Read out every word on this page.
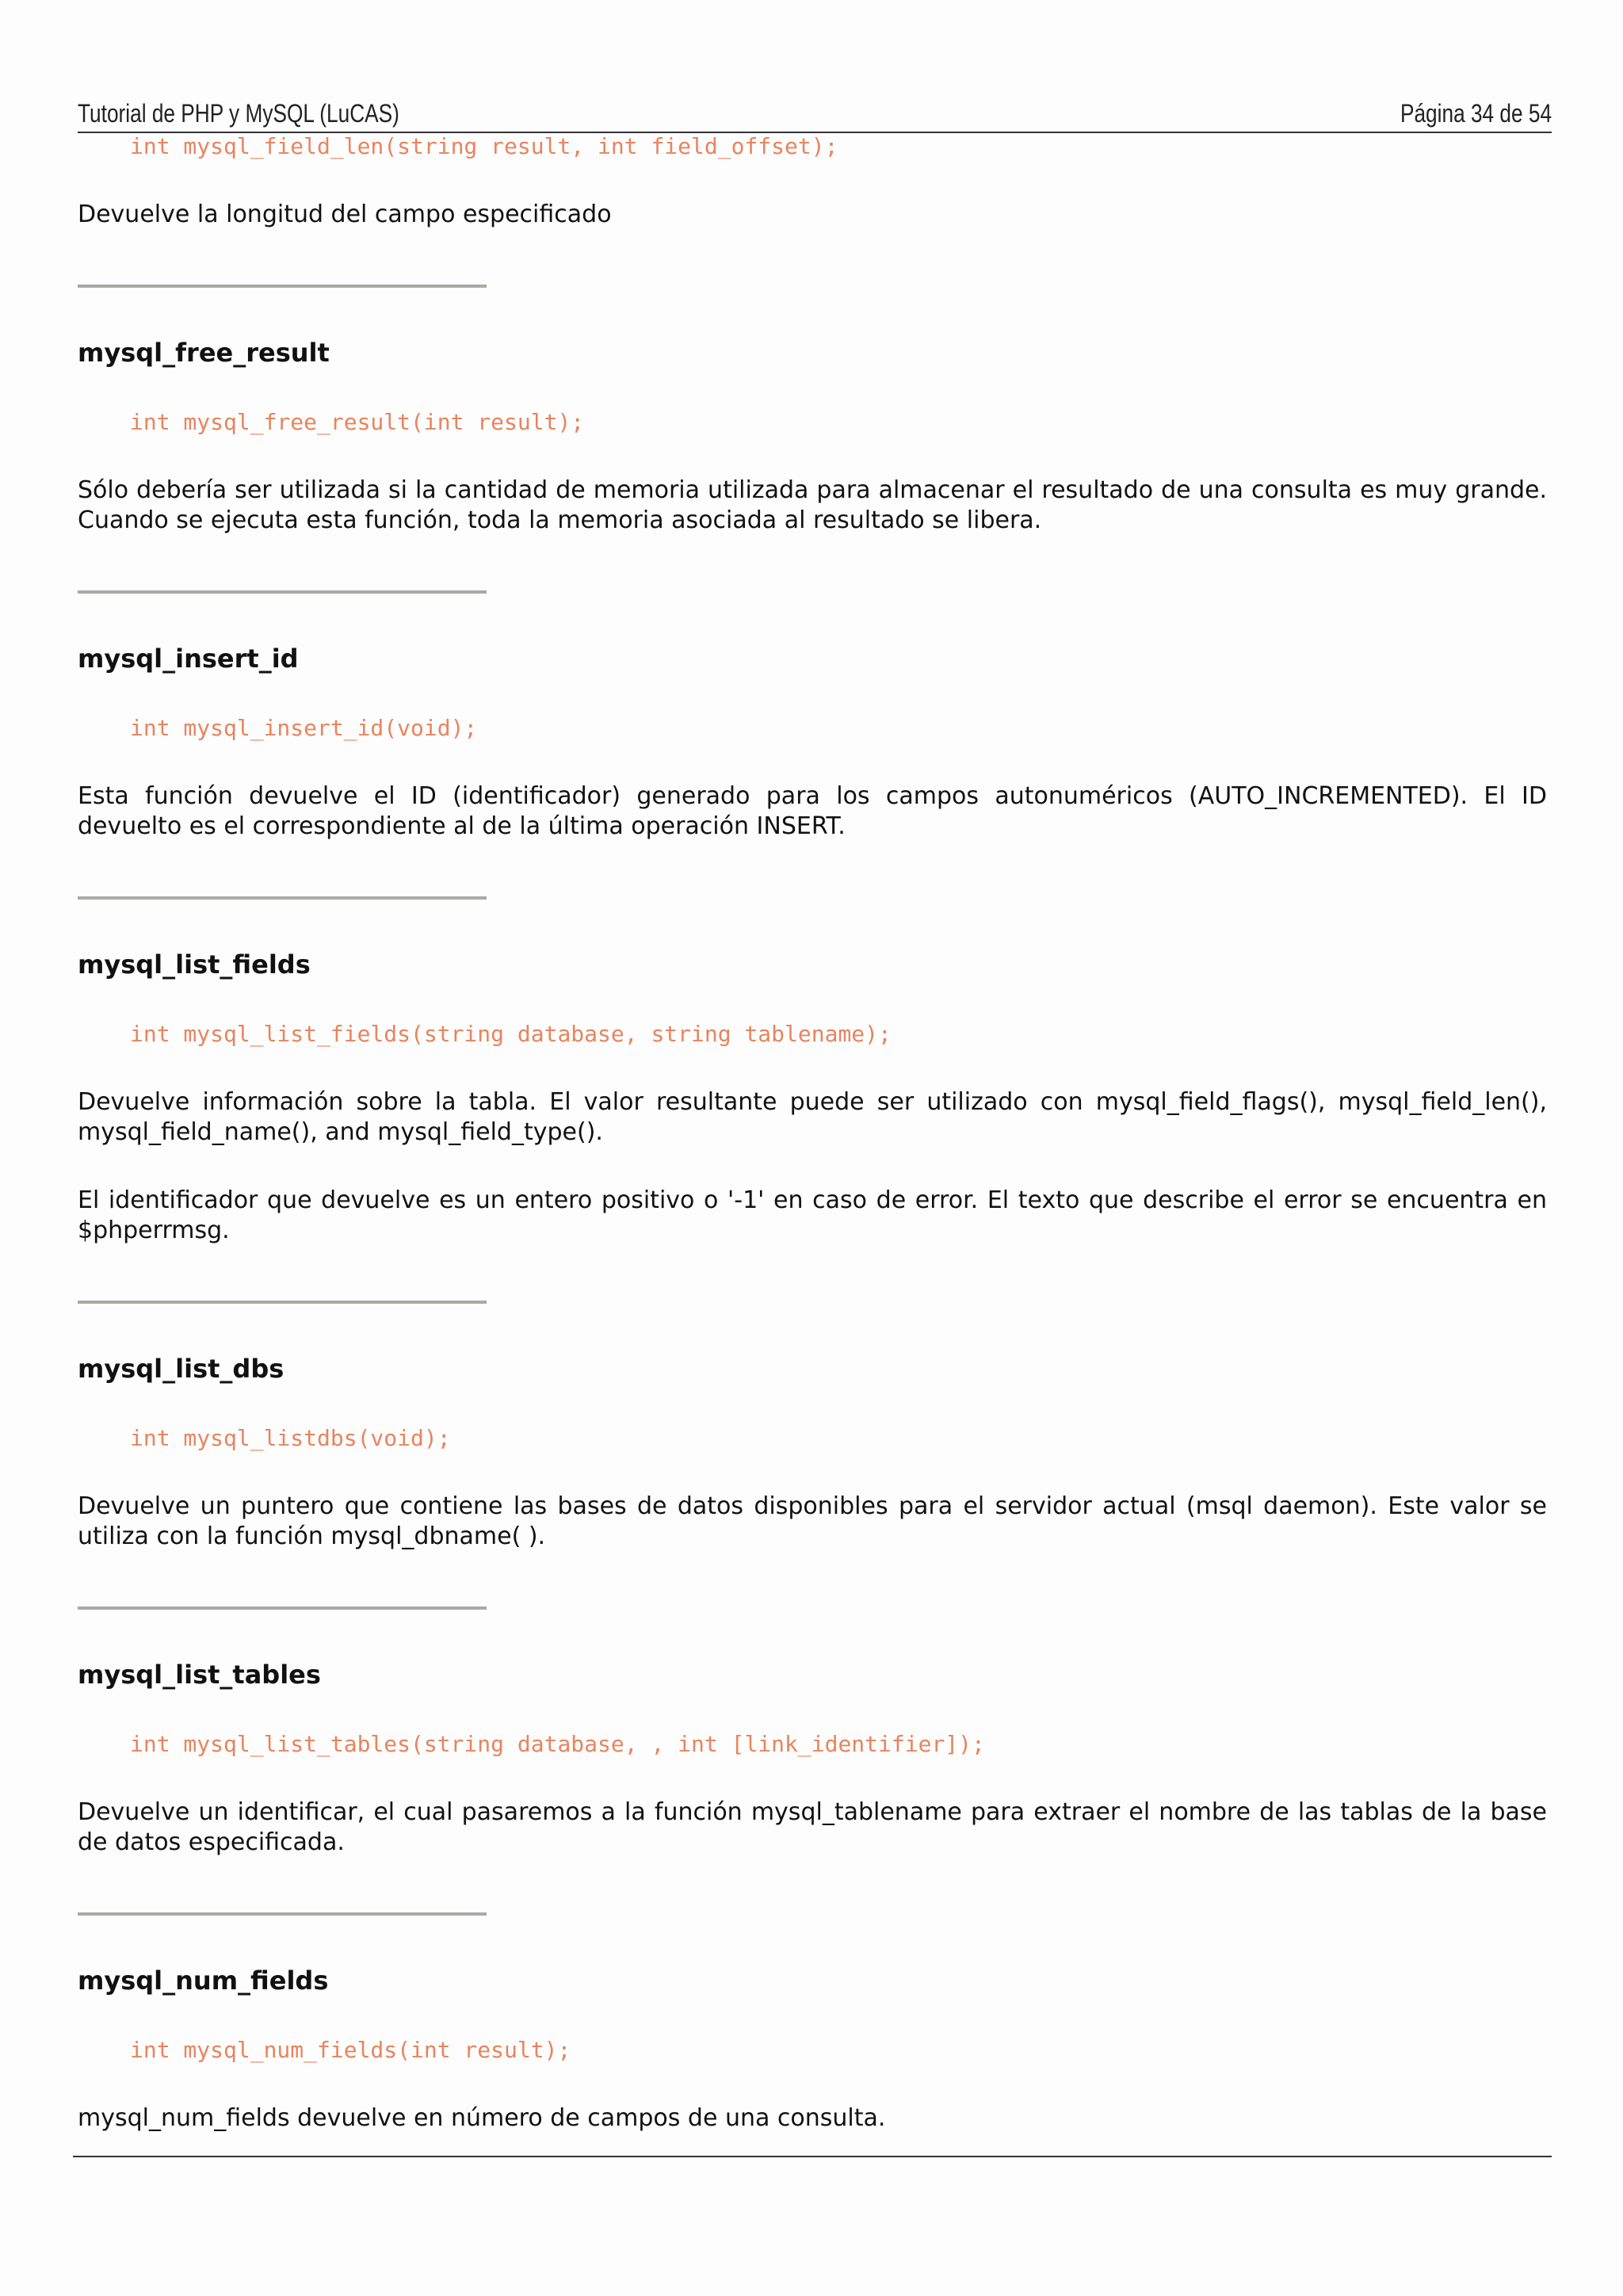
Tutorial de PHP y MySQL (LuCAS)	Página 34 de 54
int mysql_field_len(string result, int field_offset);

Devuelve la longitud del campo especificado

mysql_free_result
int mysql_free_result(int result);

Sólo debería ser utilizada si la cantidad de memoria utilizada para almacenar el resultado de una consulta es muy grande. Cuando se ejecuta esta función, toda la memoria asociada al resultado se libera.

mysql_insert_id
int mysql_insert_id(void);

Esta función devuelve el ID (identificador) generado para los campos autonuméricos (AUTO_INCREMENTED). El ID devuelto es el correspondiente al de la última operación INSERT.

mysql_list_fields
int mysql_list_fields(string database, string tablename);

Devuelve información sobre la tabla. El valor resultante puede ser utilizado con mysql_field_flags(), mysql_field_len(), mysql_field_name(), and mysql_field_type().

El identificador que devuelve es un entero positivo o '-1' en caso de error. El texto que describe el error se encuentra en $phperrmsg.

mysql_list_dbs
int mysql_listdbs(void);

Devuelve un puntero que contiene las bases de datos disponibles para el servidor actual (msql daemon). Este valor se utiliza con la función mysql_dbname( ).

mysql_list_tables
int mysql_list_tables(string database, , int [link_identifier]);

Devuelve un identificar, el cual pasaremos a la función mysql_tablename para extraer el nombre de las tablas de la base de datos especificada.

mysql_num_fields
int mysql_num_fields(int result);

mysql_num_fields devuelve en número de campos de una consulta.
